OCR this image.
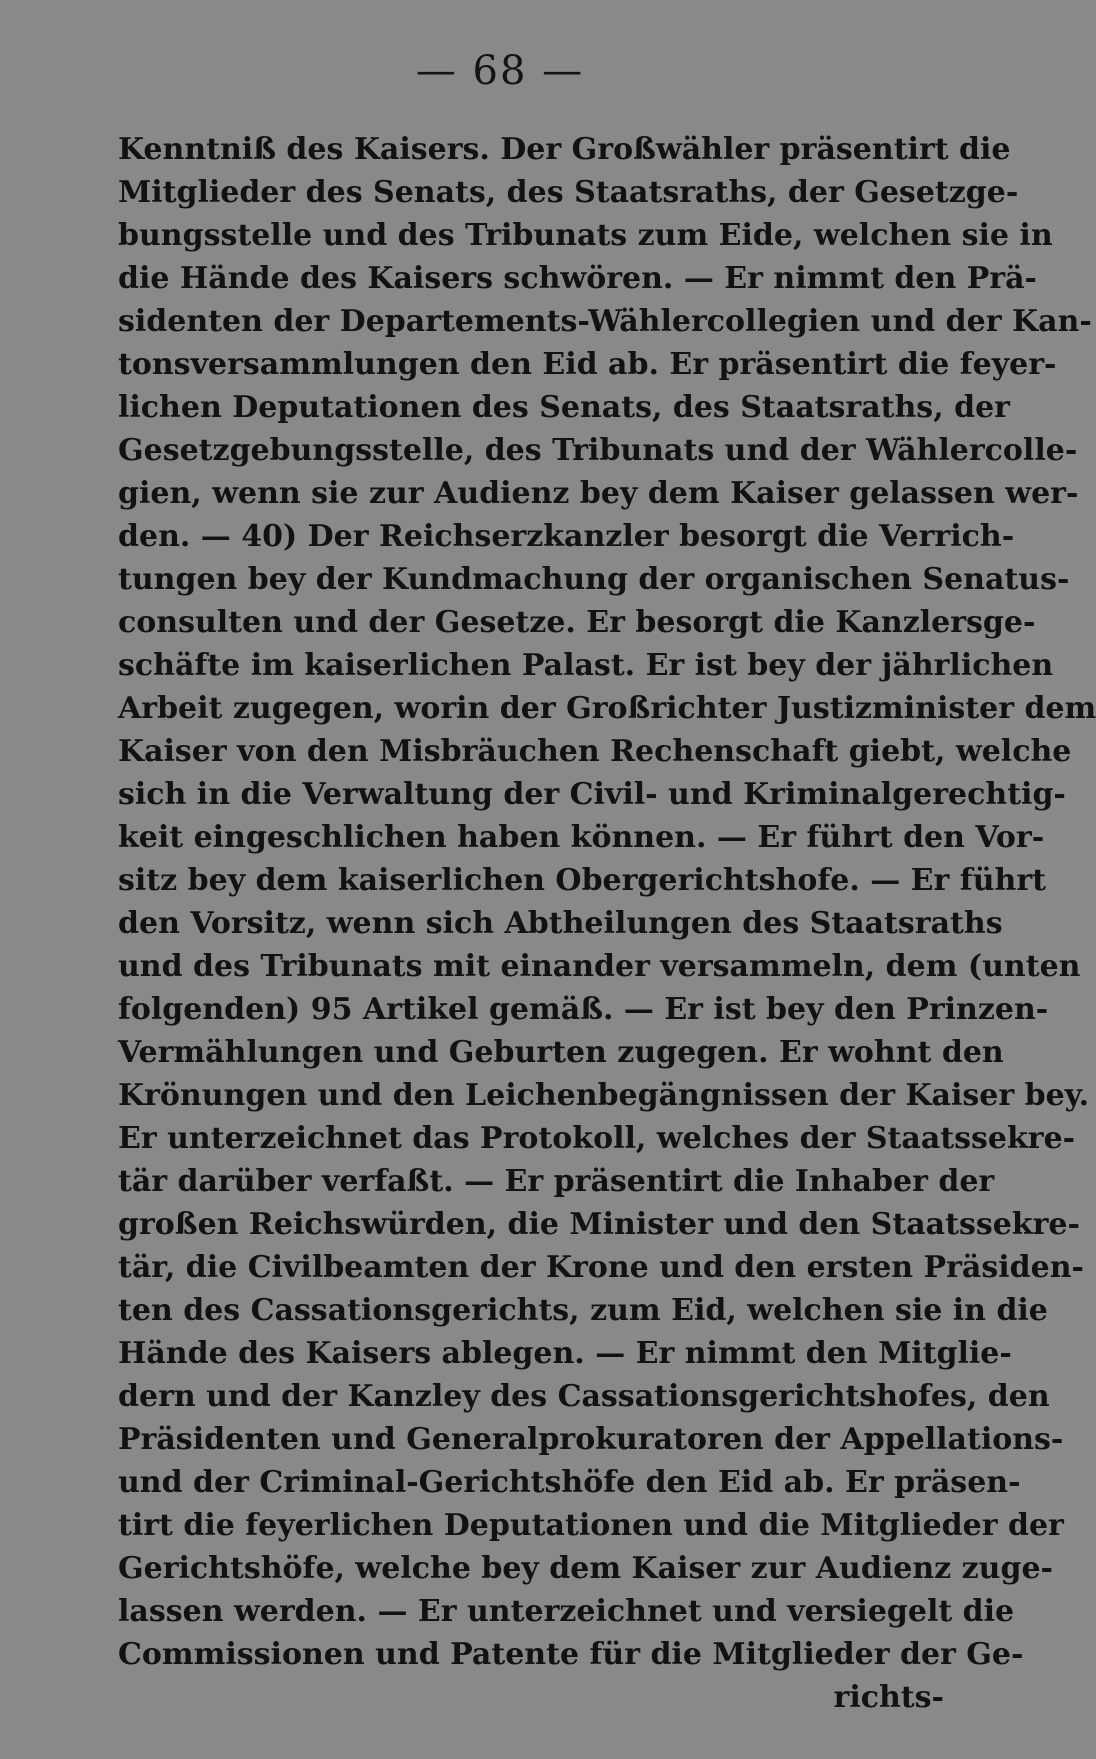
— 68 —
Kenntniß des Kaisers. Der Großwähler präsentirt die
Mitglieder des Senats, des Staatsraths, der Gesetzge-
bungsstelle und des Tribunats zum Eide, welchen sie in
die Hände des Kaisers schwören. — Er nimmt den Prä-
sidenten der Departements-Wählercollegien und der Kan-
tonsversammlungen den Eid ab. Er präsentirt die feyer-
lichen Deputationen des Senats, des Staatsraths, der
Gesetzgebungsstelle, des Tribunats und der Wählercolle-
gien, wenn sie zur Audienz bey dem Kaiser gelassen wer-
den. — 40) Der Reichserzkanzler besorgt die Verrich-
tungen bey der Kundmachung der organischen Senatus-
consulten und der Gesetze. Er besorgt die Kanzlersge-
schäfte im kaiserlichen Palast. Er ist bey der jährlichen
Arbeit zugegen, worin der Großrichter Justizminister dem
Kaiser von den Misbräuchen Rechenschaft giebt, welche
sich in die Verwaltung der Civil- und Kriminalgerechtig-
keit eingeschlichen haben können. — Er führt den Vor-
sitz bey dem kaiserlichen Obergerichtshofe. — Er führt
den Vorsitz, wenn sich Abtheilungen des Staatsraths
und des Tribunats mit einander versammeln, dem (unten
folgenden) 95 Artikel gemäß. — Er ist bey den Prinzen-
Vermählungen und Geburten zugegen. Er wohnt den
Krönungen und den Leichenbegängnissen der Kaiser bey.
Er unterzeichnet das Protokoll, welches der Staatssekre-
tär darüber verfaßt. — Er präsentirt die Inhaber der
großen Reichswürden, die Minister und den Staatssekre-
tär, die Civilbeamten der Krone und den ersten Präsiden-
ten des Cassationsgerichts, zum Eid, welchen sie in die
Hände des Kaisers ablegen. — Er nimmt den Mitglie-
dern und der Kanzley des Cassationsgerichtshofes, den
Präsidenten und Generalprokuratoren der Appellations-
und der Criminal-Gerichtshöfe den Eid ab. Er präsen-
tirt die feyerlichen Deputationen und die Mitglieder der
Gerichtshöfe, welche bey dem Kaiser zur Audienz zuge-
lassen werden. — Er unterzeichnet und versiegelt die
Commissionen und Patente für die Mitglieder der Ge-
richts-
